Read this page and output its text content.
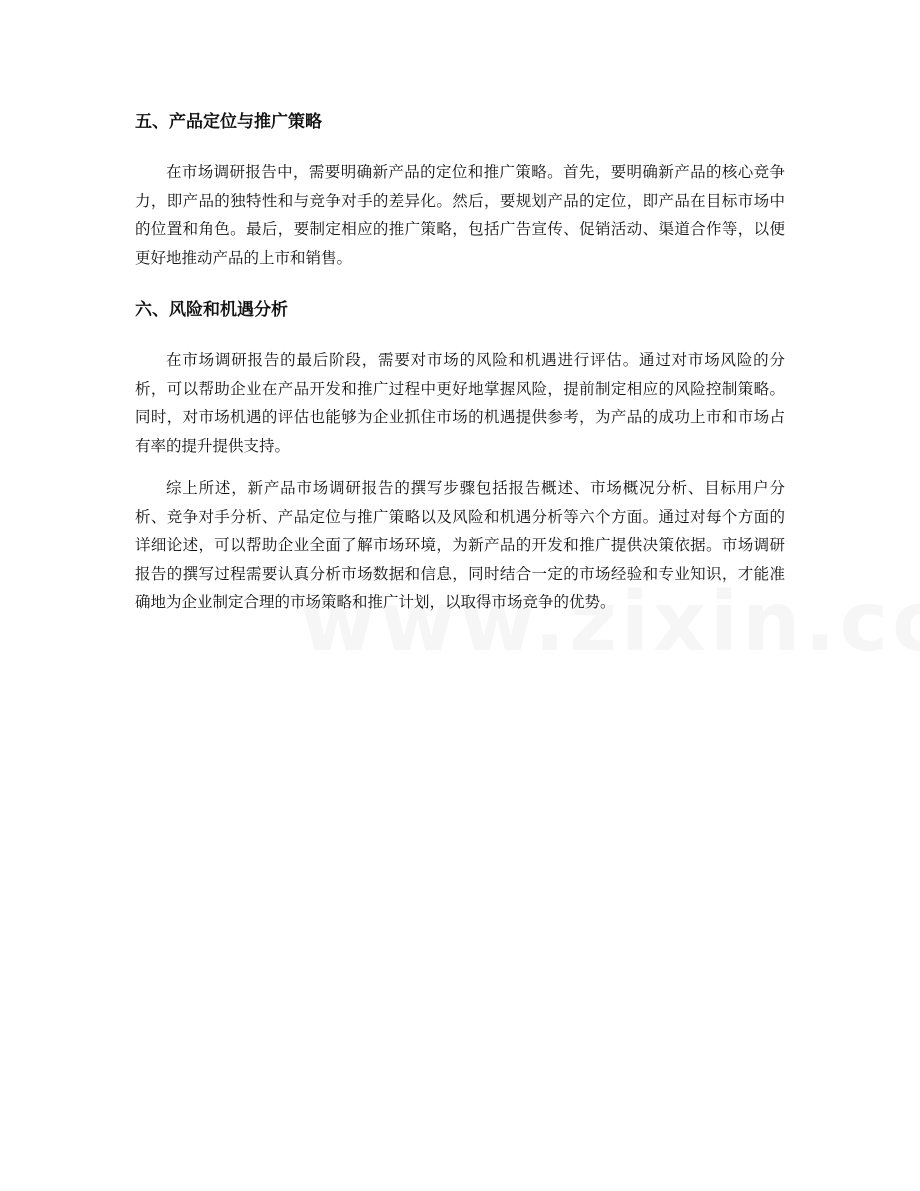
五、产品定位与推广策略

在市场调研报告中，需要明确新产品的定位和推广策略。首先，要明确新产品的核心竞争力，即产品的独特性和与竞争对手的差异化。然后，要规划产品的定位，即产品在目标市场中的位置和角色。最后，要制定相应的推广策略，包括广告宣传、促销活动、渠道合作等，以便更好地推动产品的上市和销售。

六、风险和机遇分析

在市场调研报告的最后阶段，需要对市场的风险和机遇进行评估。通过对市场风险的分析，可以帮助企业在产品开发和推广过程中更好地掌握风险，提前制定相应的风险控制策略。同时，对市场机遇的评估也能够为企业抓住市场的机遇提供参考，为产品的成功上市和市场占有率的提升提供支持。

综上所述，新产品市场调研报告的撰写步骤包括报告概述、市场概况分析、目标用户分析、竞争对手分析、产品定位与推广策略以及风险和机遇分析等六个方面。通过对每个方面的详细论述，可以帮助企业全面了解市场环境，为新产品的开发和推广提供决策依据。市场调研报告的撰写过程需要认真分析市场数据和信息，同时结合一定的市场经验和专业知识，才能准确地为企业制定合理的市场策略和推广计划，以取得市场竞争的优势。
